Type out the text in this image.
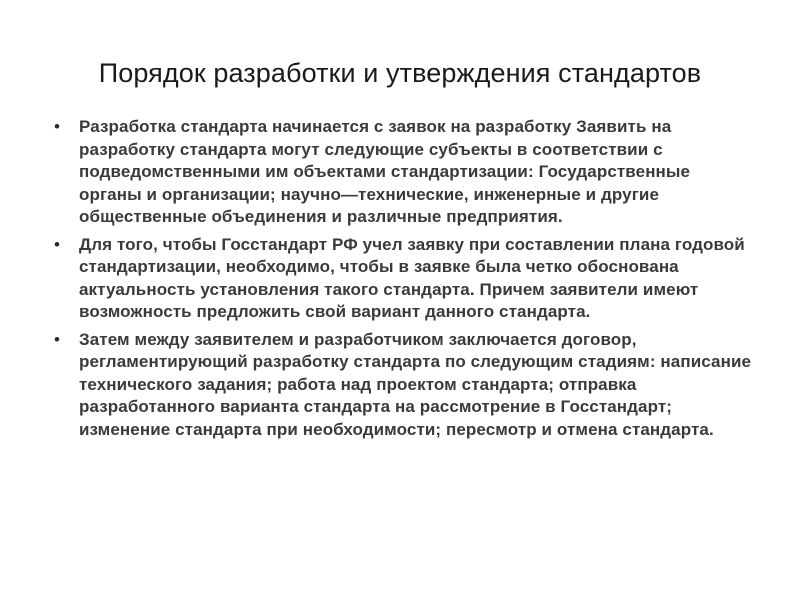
Порядок разработки и утверждения стандартов
• Разработка стандарта начинается с заявок на разработку Заявить на разработку стандарта могут следующие субъекты в соответствии с подведомственными им объектами стандартизации: Государственные органы и организации; научно—технические, инженерные и другие общественные объединения и различные предприятия.
• Для того, чтобы Госстандарт РФ учел заявку при составлении плана годовой стандартизации, необходимо, чтобы в заявке была четко обоснована актуальность установления такого стандарта. Причем заявители имеют возможность предложить свой вариант данного стандарта.
• Затем между заявителем и разработчиком заключается договор, регламентирующий разработку стандарта по следующим стадиям: написание технического задания; работа над проектом стандарта; отправка разработанного варианта стандарта на рассмотрение в Госстандарт; изменение стандарта при необходимости; пересмотр и отмена стандарта.
